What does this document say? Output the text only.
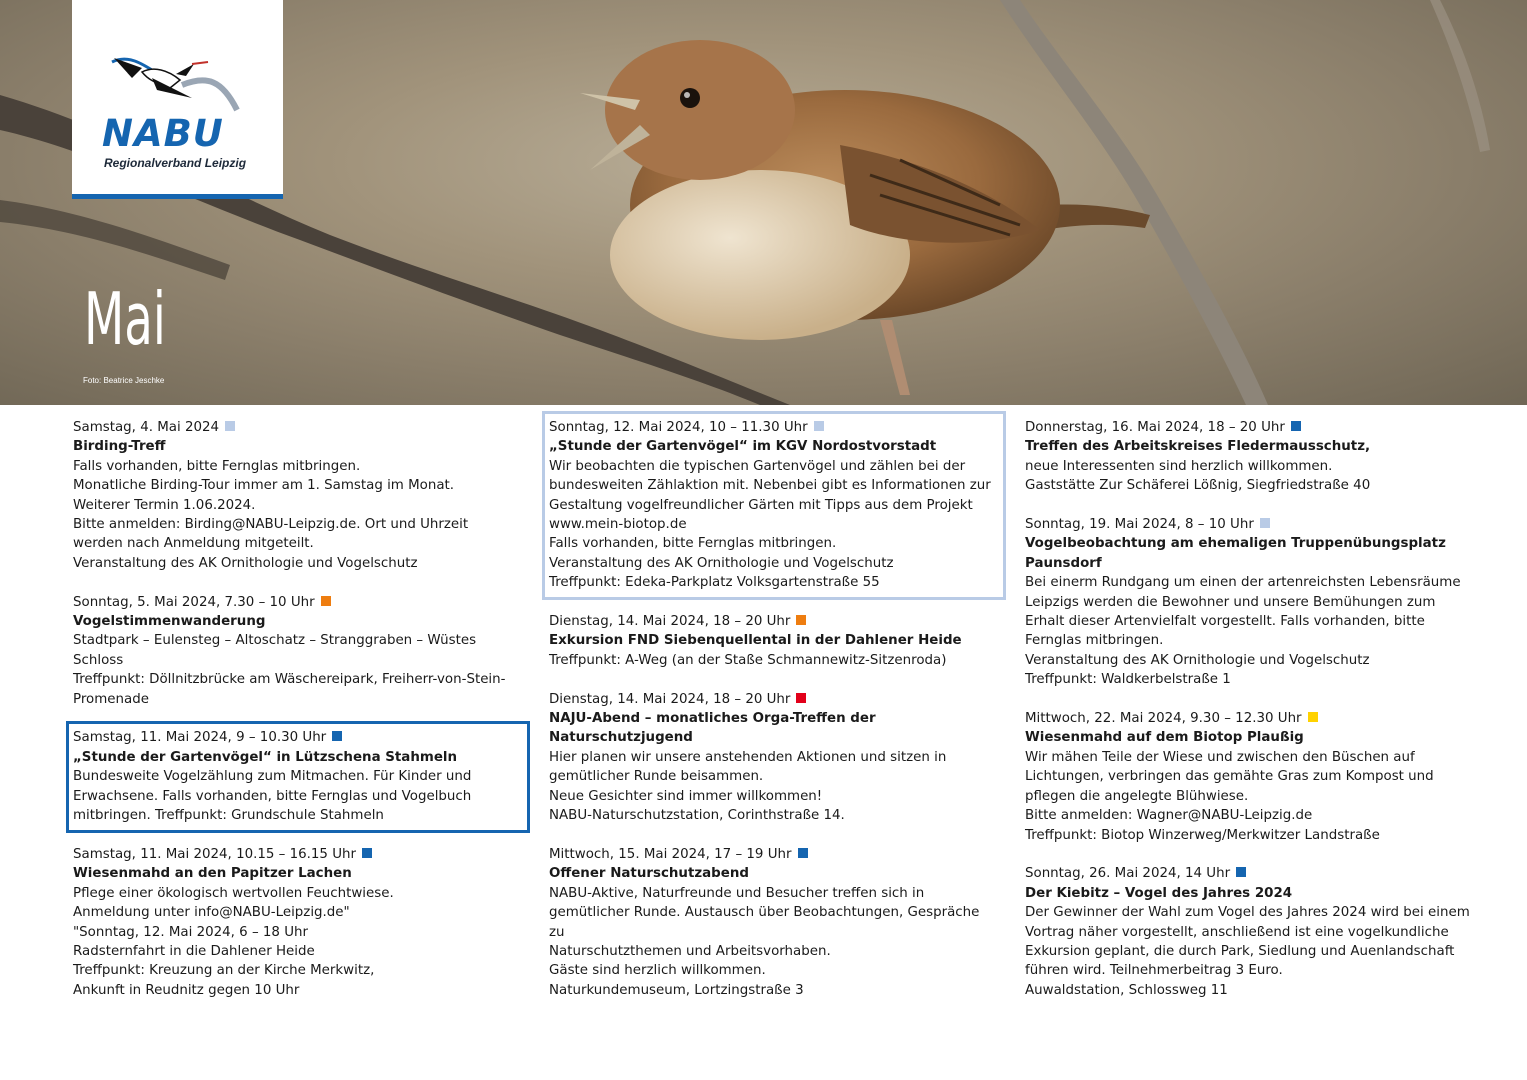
NABU
Regionalverband Leipzig
Mai
Foto: Beatrice Jeschke
Samstag, 4. Mai 2024
Birding-Treff
Falls vorhanden, bitte Fernglas mitbringen.
Monatliche Birding-Tour immer am 1. Samstag im Monat.
Weiterer Termin 1.06.2024.
Bitte anmelden: Birding@NABU-Leipzig.de. Ort und Uhrzeit
werden nach Anmeldung mitgeteilt.
Veranstaltung des AK Ornithologie und Vogelschutz
Sonntag, 5. Mai 2024, 7.30 – 10 Uhr
Vogelstimmenwanderung
Stadtpark – Eulensteg – Altoschatz – Stranggraben – Wüstes
Schloss
Treffpunkt: Döllnitzbrücke am Wäschereipark, Freiherr-von-Stein-
Promenade
Samstag, 11. Mai 2024, 9 – 10.30 Uhr
„Stunde der Gartenvögel“ in Lützschena Stahmeln
Bundesweite Vogelzählung zum Mitmachen. Für Kinder und
Erwachsene. Falls vorhanden, bitte Fernglas und Vogelbuch
mitbringen. Treffpunkt: Grundschule Stahmeln
Samstag, 11. Mai 2024, 10.15 – 16.15 Uhr
Wiesenmahd an den Papitzer Lachen
Pflege einer ökologisch wertvollen Feuchtwiese.
Anmeldung unter info@NABU-Leipzig.de"
"Sonntag, 12. Mai 2024, 6 – 18 Uhr
Radsternfahrt in die Dahlener Heide
Treffpunkt: Kreuzung an der Kirche Merkwitz,
Ankunft in Reudnitz gegen 10 Uhr
Sonntag, 12. Mai 2024, 10 – 11.30 Uhr
„Stunde der Gartenvögel“ im KGV Nordostvorstadt
Wir beobachten die typischen Gartenvögel und zählen bei der
bundesweiten Zählaktion mit. Nebenbei gibt es Informationen zur
Gestaltung vogelfreundlicher Gärten mit Tipps aus dem Projekt
www.mein-biotop.de
Falls vorhanden, bitte Fernglas mitbringen.
Veranstaltung des AK Ornithologie und Vogelschutz
Treffpunkt: Edeka-Parkplatz Volksgartenstraße 55
Dienstag, 14. Mai 2024, 18 – 20 Uhr
Exkursion FND Siebenquellental in der Dahlener Heide
Treffpunkt: A-Weg (an der Staße Schmannewitz-Sitzenroda)
Dienstag, 14. Mai 2024, 18 – 20 Uhr
NAJU-Abend – monatliches Orga-Treffen der Naturschutzjugend
Hier planen wir unsere anstehenden Aktionen und sitzen in
gemütlicher Runde beisammen.
Neue Gesichter sind immer willkommen!
NABU-Naturschutzstation, Corinthstraße 14.
Mittwoch, 15. Mai 2024, 17 – 19 Uhr
Offener Naturschutzabend
NABU-Aktive, Naturfreunde und Besucher treffen sich in
gemütlicher Runde. Austausch über Beobachtungen, Gespräche zu
Naturschutzthemen und Arbeitsvorhaben.
Gäste sind herzlich willkommen.
Naturkundemuseum, Lortzingstraße 3
Donnerstag, 16. Mai 2024, 18 – 20 Uhr
Treffen des Arbeitskreises Fledermausschutz,
neue Interessenten sind herzlich willkommen.
Gaststätte Zur Schäferei Lößnig, Siegfriedstraße 40
Sonntag, 19. Mai 2024, 8 – 10 Uhr
Vogelbeobachtung am ehemaligen Truppenübungsplatz Paunsdorf
Bei einerm Rundgang um einen der artenreichsten Lebensräume
Leipzigs werden die Bewohner und unsere Bemühungen zum
Erhalt dieser Artenvielfalt vorgestellt. Falls vorhanden, bitte
Fernglas mitbringen.
Veranstaltung des AK Ornithologie und Vogelschutz
Treffpunkt: Waldkerbelstraße 1
Mittwoch, 22. Mai 2024, 9.30 – 12.30 Uhr
Wiesenmahd auf dem Biotop Plaußig
Wir mähen Teile der Wiese und zwischen den Büschen auf
Lichtungen, verbringen das gemähte Gras zum Kompost und
pflegen die angelegte Blühwiese.
Bitte anmelden: Wagner@NABU-Leipzig.de
Treffpunkt: Biotop Winzerweg/Merkwitzer Landstraße
Sonntag, 26. Mai 2024, 14 Uhr
Der Kiebitz – Vogel des Jahres 2024
Der Gewinner der Wahl zum Vogel des Jahres 2024 wird bei einem
Vortrag näher vorgestellt, anschließend ist eine vogelkundliche
Exkursion geplant, die durch Park, Siedlung und Auenlandschaft
führen wird. Teilnehmerbeitrag 3 Euro.
Auwaldstation, Schlossweg 11
